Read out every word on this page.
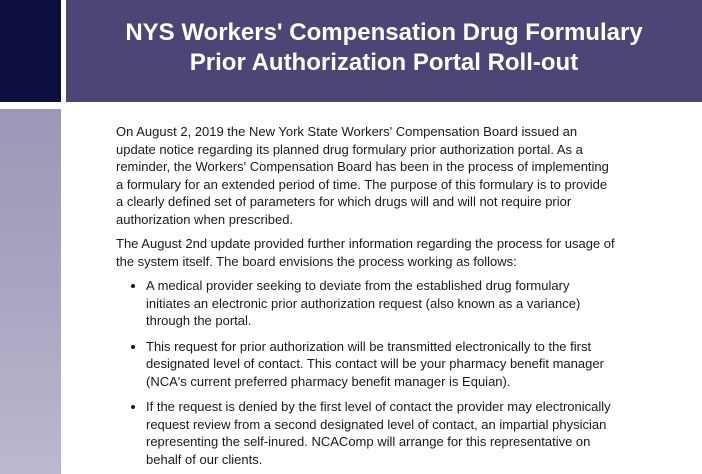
NYS Workers' Compensation Drug Formulary
Prior Authorization Portal Roll-out

On August 2, 2019 the New York State Workers' Compensation Board issued an update notice regarding its planned drug formulary prior authorization portal. As a reminder, the Workers' Compensation Board has been in the process of implementing a formulary for an extended period of time. The purpose of this formulary is to provide a clearly defined set of parameters for which drugs will and will not require prior authorization when prescribed.

The August 2nd update provided further information regarding the process for usage of the system itself. The board envisions the process working as follows:

• A medical provider seeking to deviate from the established drug formulary initiates an electronic prior authorization request (also known as a variance) through the portal.
• This request for prior authorization will be transmitted electronically to the first designated level of contact. This contact will be your pharmacy benefit manager (NCA's current preferred pharmacy benefit manager is Equian).
• If the request is denied by the first level of contact the provider may electronically request review from a second designated level of contact, an impartial physician representing the self-inured. NCAComp will arrange for this representative on behalf of our clients.
